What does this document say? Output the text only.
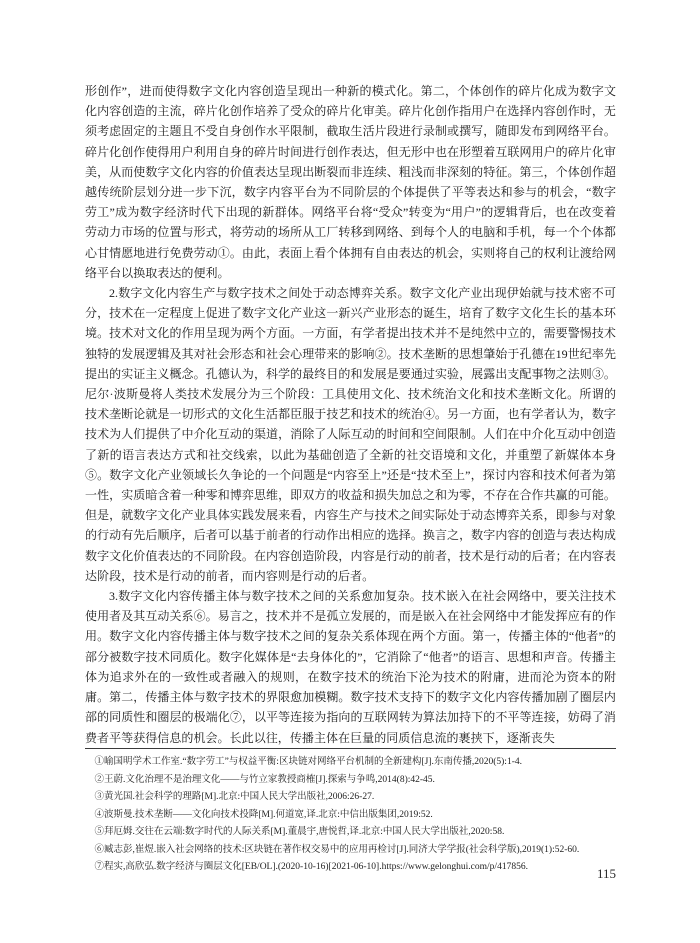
形创作”，进而使得数字文化内容创造呈现出一种新的模式化。第二，个体创作的碎片化成为数字文化内容创造的主流，碎片化创作培养了受众的碎片化审美。碎片化创作指用户在选择内容创作时，无须考虑固定的主题且不受自身创作水平限制，截取生活片段进行录制或撰写，随即发布到网络平台。碎片化创作使得用户利用自身的碎片时间进行创作表达，但无形中也在形塑着互联网用户的碎片化审美，从而使数字文化内容的价值表达呈现出断裂而非连续、粗浅而非深刻的特征。第三，个体创作超越传统阶层划分进一步下沉，数字内容平台为不同阶层的个体提供了平等表达和参与的机会，“数字劳工”成为数字经济时代下出现的新群体。网络平台将“受众”转变为“用户”的逻辑背后，也在改变着劳动力市场的位置与形式，将劳动的场所从工厂转移到网络、到每个人的电脑和手机，每一个个体都心甘情愿地进行免费劳动①。由此，表面上看个体拥有自由表达的机会，实则将自己的权利让渡给网络平台以换取表达的便利。

2.数字文化内容生产与数字技术之间处于动态博弈关系。数字文化产业出现伊始就与技术密不可分，技术在一定程度上促进了数字文化产业这一新兴产业形态的诞生，培育了数字文化生长的基本环境。技术对文化的作用呈现为两个方面。一方面，有学者提出技术并不是纯然中立的，需要警惕技术独特的发展逻辑及其对社会形态和社会心理带来的影响②。技术垄断的思想肇始于孔德在19世纪率先提出的实证主义概念。孔德认为，科学的最终目的和发展是要通过实验，展露出支配事物之法则③。尼尔·波斯曼将人类技术发展分为三个阶段：工具使用文化、技术统治文化和技术垄断文化。所谓的技术垄断论就是一切形式的文化生活都臣服于技艺和技术的统治④。另一方面，也有学者认为，数字技术为人们提供了中介化互动的渠道，消除了人际互动的时间和空间限制。人们在中介化互动中创造了新的语言表达方式和社交线索，以此为基础创造了全新的社交语境和文化，并重塑了新媒体本身⑤。数字文化产业领域长久争论的一个问题是“内容至上”还是“技术至上”，探讨内容和技术何者为第一性，实质暗含着一种零和博弈思维，即双方的收益和损失加总之和为零，不存在合作共赢的可能。但是，就数字文化产业具体实践发展来看，内容生产与技术之间实际处于动态博弈关系，即参与对象的行动有先后顺序，后者可以基于前者的行动作出相应的选择。换言之，数字内容的创造与表达构成数字文化价值表达的不同阶段。在内容创造阶段，内容是行动的前者，技术是行动的后者；在内容表达阶段，技术是行动的前者，而内容则是行动的后者。

3.数字文化内容传播主体与数字技术之间的关系愈加复杂。技术嵌入在社会网络中，要关注技术使用者及其互动关系⑥。易言之，技术并不是孤立发展的，而是嵌入在社会网络中才能发挥应有的作用。数字文化内容传播主体与数字技术之间的复杂关系体现在两个方面。第一，传播主体的“他者”的部分被数字技术同质化。数字化媒体是“去身体化的”，它消除了“他者”的语言、思想和声音。传播主体为追求外在的一致性或者融入的规则，在数字技术的统治下沦为技术的附庸，进而沦为资本的附庸。第二，传播主体与数字技术的界限愈加模糊。数字技术支持下的数字文化内容传播加剧了圈层内部的同质性和圈层的极端化⑦，以平等连接为指向的互联网转为算法加持下的不平等连接，妨碍了消费者平等获得信息的机会。长此以往，传播主体在巨量的同质信息流的裹挟下，逐渐丧失

①喻国明学术工作室.“数字劳工”与权益平衡:区块链对网络平台机制的全新建构[J].东南传播,2020(5):1-4.
②王蔚.文化治理不是治理文化——与竹立家教授商榷[J].探索与争鸣,2014(8):42-45.
③黄光国.社会科学的理路[M].北京:中国人民大学出版社,2006:26-27.
④波斯曼.技术垄断——文化向技术投降[M].何道宽,译.北京:中信出版集团,2019:52.
⑤拜厄姆.交往在云端:数字时代的人际关系[M].董晨宇,唐悦哲,译.北京:中国人民大学出版社,2020:58.
⑥臧志彭,崔煜.嵌入社会网络的技术:区块链在著作权交易中的应用再检讨[J].同济大学学报(社会科学版),2019(1):52-60.
⑦程实,高欣弘.数字经济与圈层文化[EB/OL].(2020-10-16)[2021-06-10].https://www.gelonghui.com/p/417856.	115
